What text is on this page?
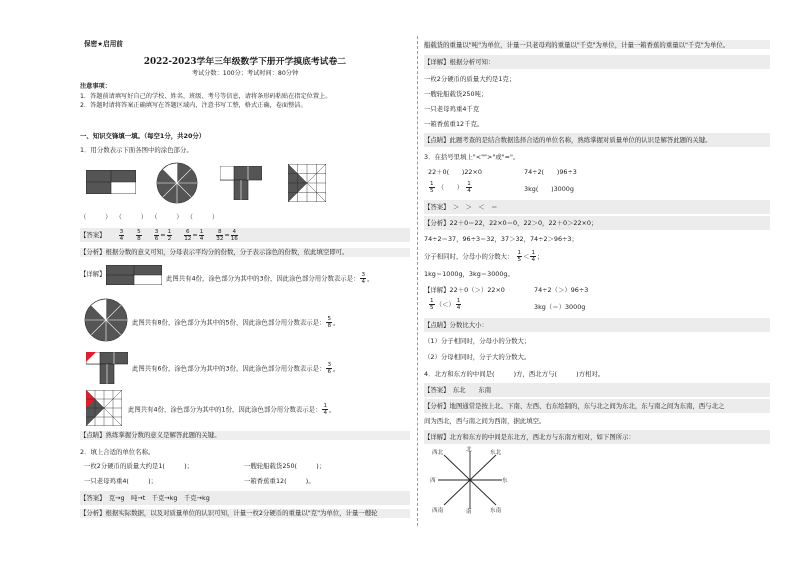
保密★启用前
2022-2023学年三年级数学下册开学摸底考试卷二
考试分数：100分；考试时间：80分钟
注意事项：
1．答题前请填写好自己的学校、姓名、班级、考号等信息，请将条形码粘贴在指定位置上。
2．答题时请将答案正确填写在答题区域内，注意书写工整，格式正确，卷面整洁。
一、知识交锋填一填。（每空1分，共20分）
1．用分数表示下面各图中的涂色部分。
（　　）　（　　）　（　　）　（　　）
【答案】 $\frac{3}{4} \frac{5}{8} \frac{3}{6} = \frac{1}{2} \frac{6}{12} = \frac{1}{4} \frac{8}{32} = \frac{4}{16}$
【分析】根据分数的意义可知，分母表示平均分的份数，分子表示涂色的份数，依此填空即可。
【详解】
此图共有4份，涂色部分为其中的3份，因此涂色部分用分数表示是： $\frac{3}{4}$ 。
此图共有8份，涂色部分为其中的5份，因此涂色部分用分数表示是： $\frac{5}{8}$ 。
此图共有6份，涂色部分为其中的3份，因此涂色部分用分数表示是： $\frac{3}{6}$ 。
此图共有4份，涂色部分为其中的1份，因此涂色部分用分数表示是： $\frac{1}{4}$ 。
【点睛】熟练掌握分数的意义是解答此题的关键。
2．填上合适的单位名称。
一枚2分硬币的质量大约是1(　　　)；	一艘轮船载货250(　　　)；
一只老母鸡重4(　　　)；	一箱香蕉重12(　　　)。
【答案】　克→g　吨→t　千克→kg　千克→kg
【分析】根据实际数据，以及对质量单位的认识可知，计量一枚2分硬币的重量以"克"为单位，计量一艘轮
船载货的重量以"吨"为单位，计量一只老母鸡的重量以"千克"为单位，计量一箱香蕉的重量以"千克"为单位。
【详解】根据分析可知：
一枚2分硬币的质量大约是1克；
一艘轮船载货250吨；
一只老母鸡重4千克
一箱香蕉重12千克。
【点睛】此题考查的是结合数据选择合适的单位名称，熟练掌握对质量单位的认识是解答此题的关键。
3．在括号里填上"<"">"或"="。
22＋0(　　)22×0	74÷2(　　)96÷3
$\frac{1}{5}$ （　　） $\frac{1}{4}$	3kg(　　)3000g
【答案】　＞　＞　＜　＝
【分析】22＋0＝22，22×0＝0，22＞0，22＋0＞22×0；
74÷2＝37，96÷3＝32，37＞32，74÷2＞96÷3；
分子相同时，分母小的分数大： $\frac{1}{5} < \frac{1}{4}$ ；
1kg＝1000g，3kg＝3000g。
【详解】22＋0（＞）22×0	74÷2（＞）96÷3
$\frac{1}{5}$ （＜） $\frac{1}{4}$	3kg（＝）3000g
【点睛】分数比大小：
（1）分子相同时，分母小的分数大；
（2）分母相同时，分子大的分数大。
4．北方和东方的中间是(　　　)方，西北方与(　　　)方相对。
【答案】　东北　　东南
【分析】地图通常是按上北、下南、左西、右东绘制的，东与北之间为东北，东与南之间为东南，西与北之
间为西北，西与南之间为西南，据此填空。
【详解】北方和东方的中间是东北方，西北方与东南方相对，如下图所示：
北
南
东
西
东北
西北
东南
西南
